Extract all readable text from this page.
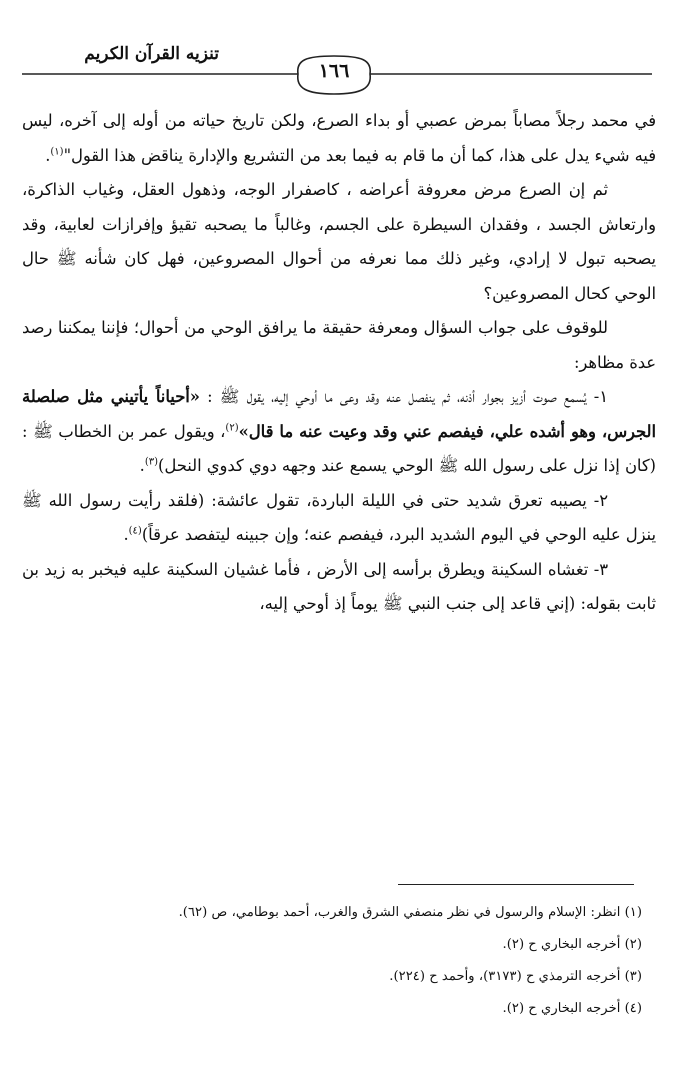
تنزيه القرآن الكريم
١٦٦

في محمد رجلاً مصاباً بمرض عصبي أو بداء الصرع، ولكن تاريخ حياته من أوله إلى آخره، ليس فيه شيء يدل على هذا، كما أن ما قام به فيما بعد من التشريع والإدارة يناقض هذا القول"$^{(١)}$.

ثم إن الصرع مرض معروفة أعراضه ، كاصفرار الوجه، وذهول العقل، وغياب الذاكرة، وارتعاش الجسد ، وفقدان السيطرة على الجسم، وغالباً ما يصحبه تقيؤ وإفرازات لعابية، وقد يصحبه تبول لا إرادي، وغير ذلك مما نعرفه من أحوال المصروعين، فهل كان شأنه ﷺ حال الوحي كحال المصروعين؟

للوقوف على جواب السؤال ومعرفة حقيقة ما يرافق الوحي من أحوال؛ فإننا يمكننا رصد عدة مظاهر:

١- يُسمع صوت أزيز بجوار أذنه، ثم ينفصل عنه وقد وعى ما أوحي إليه، يقول ﷺ : «أحياناً يأتيني مثل صلصلة الجرس، وهو أشده علي، فيفصم عني وقد وعيت عنه ما قال»$^{(٢)}$، ويقول عمر بن الخطاب ﷺ : (كان إذا نزل على رسول الله ﷺ الوحي يسمع عند وجهه دوي كدوي النحل)$^{(٣)}$.

٢- يصيبه تعرق شديد حتى في الليلة الباردة، تقول عائشة: (فلقد رأيت رسول الله ﷺ ينزل عليه الوحي في اليوم الشديد البرد، فيفصم عنه؛ وإن جبينه ليتفصد عرقاً)$^{(٤)}$.

٣- تغشاه السكينة ويطرق برأسه إلى الأرض ، فأما غشيان السكينة عليه فيخبر به زيد بن ثابت بقوله: (إني قاعد إلى جنب النبي ﷺ يوماً إذ أوحي إليه،

(١) انظر: الإسلام والرسول في نظر منصفي الشرق والغرب، أحمد بوطامي، ص (٦٢).

(٢) أخرجه البخاري ح (٢).

(٣) أخرجه الترمذي ح (٣١٧٣)، وأحمد ح (٢٢٤).

(٤) أخرجه البخاري ح (٢).
